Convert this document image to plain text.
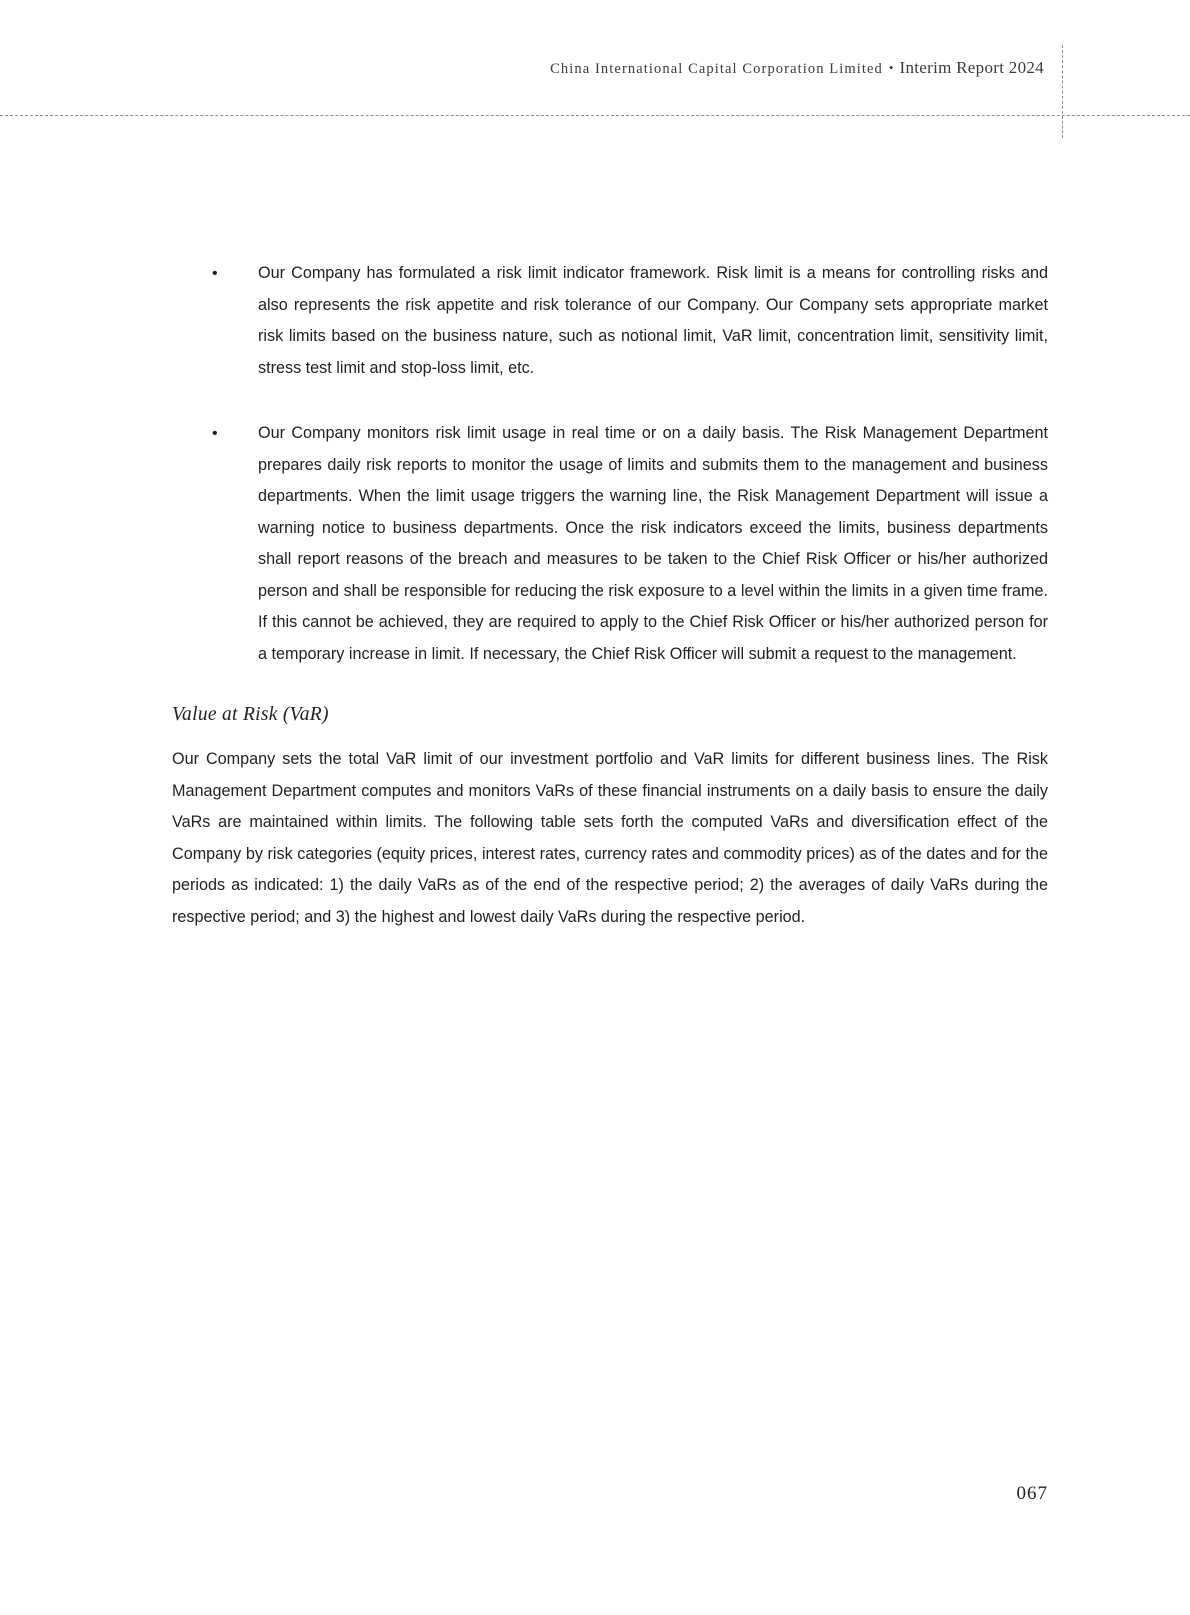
China International Capital Corporation Limited • Interim Report 2024
• Our Company has formulated a risk limit indicator framework. Risk limit is a means for controlling risks and also represents the risk appetite and risk tolerance of our Company. Our Company sets appropriate market risk limits based on the business nature, such as notional limit, VaR limit, concentration limit, sensitivity limit, stress test limit and stop-loss limit, etc.
• Our Company monitors risk limit usage in real time or on a daily basis. The Risk Management Department prepares daily risk reports to monitor the usage of limits and submits them to the management and business departments. When the limit usage triggers the warning line, the Risk Management Department will issue a warning notice to business departments. Once the risk indicators exceed the limits, business departments shall report reasons of the breach and measures to be taken to the Chief Risk Officer or his/her authorized person and shall be responsible for reducing the risk exposure to a level within the limits in a given time frame. If this cannot be achieved, they are required to apply to the Chief Risk Officer or his/her authorized person for a temporary increase in limit. If necessary, the Chief Risk Officer will submit a request to the management.
Value at Risk (VaR)
Our Company sets the total VaR limit of our investment portfolio and VaR limits for different business lines. The Risk Management Department computes and monitors VaRs of these financial instruments on a daily basis to ensure the daily VaRs are maintained within limits. The following table sets forth the computed VaRs and diversification effect of the Company by risk categories (equity prices, interest rates, currency rates and commodity prices) as of the dates and for the periods as indicated: 1) the daily VaRs as of the end of the respective period; 2) the averages of daily VaRs during the respective period; and 3) the highest and lowest daily VaRs during the respective period.
067
